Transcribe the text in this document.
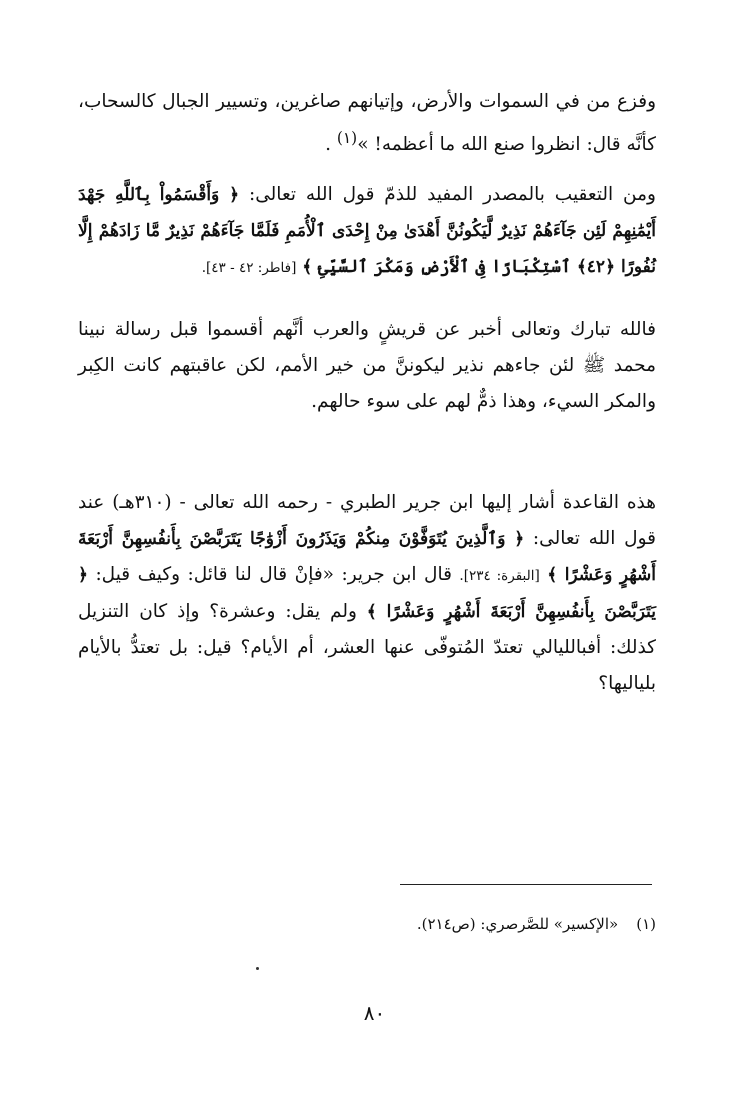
وفزع من في السموات والأرض، وإتيانهم صاغرين، وتسيير الجبال كالسحاب، كأنَّه قال: انظروا صنع الله ما أعظمه! »$^{(١)}$ .

ومن التعقيب بالمصدر المفيد للذمّ قول الله تعالى: ﴿ وَأَقْسَمُواْ بِٱللَّهِ جَهْدَ أَيْمَٰنِهِمْ لَئِن جَآءَهُمْ نَذِيرٌ لَّيَكُونُنَّ أَهْدَىٰ مِنْ إِحْدَى ٱلْأُمَمِ فَلَمَّا جَآءَهُمْ نَذِيرٌ مَّا زَادَهُمْ إِلَّا نُفُورًا ﴿٤٢﴾ ٱسْتِكْبَارًا فِى ٱلْأَرْضِ وَمَكْرَ ٱلسَّيِّئِ ﴾ [فاطر: ٤٢ - ٤٣].

فالله تبارك وتعالى أخبر عن قريشٍ والعرب أنَّهم أقسموا قبل رسالة نبينا محمد ﷺ لئن جاءهم نذير ليكوننَّ من خير الأمم، لكن عاقبتهم كانت الكِبر والمكر السيء، وهذا ذمٌّ لهم على سوء حالهم.

هذه القاعدة أشار إليها ابن جرير الطبري - رحمه الله تعالى - (٣١٠هـ) عند قول الله تعالى: ﴿ وَٱلَّذِينَ يُتَوَفَّوْنَ مِنكُمْ وَيَذَرُونَ أَزْوَٰجًا يَتَرَبَّصْنَ بِأَنفُسِهِنَّ أَرْبَعَةَ أَشْهُرٍ وَعَشْرًا ﴾ [البقرة: ٢٣٤]. قال ابن جرير: «فإنْ قال لنا قائل: وكيف قيل: ﴿ يَتَرَبَّصْنَ بِأَنفُسِهِنَّ أَرْبَعَةَ أَشْهُرٍ وَعَشْرًا ﴾ ولم يقل: وعشرة؟ وإذ كان التنزيل كذلك: أفبالليالي تعتدّ المُتوفّى عنها العشر، أم الأيام؟ قيل: بل تعتدُّ بالأيام بلياليها؟

(١)«الإكسير» للصَّرصري: (ص٢١٤).
٨٠
